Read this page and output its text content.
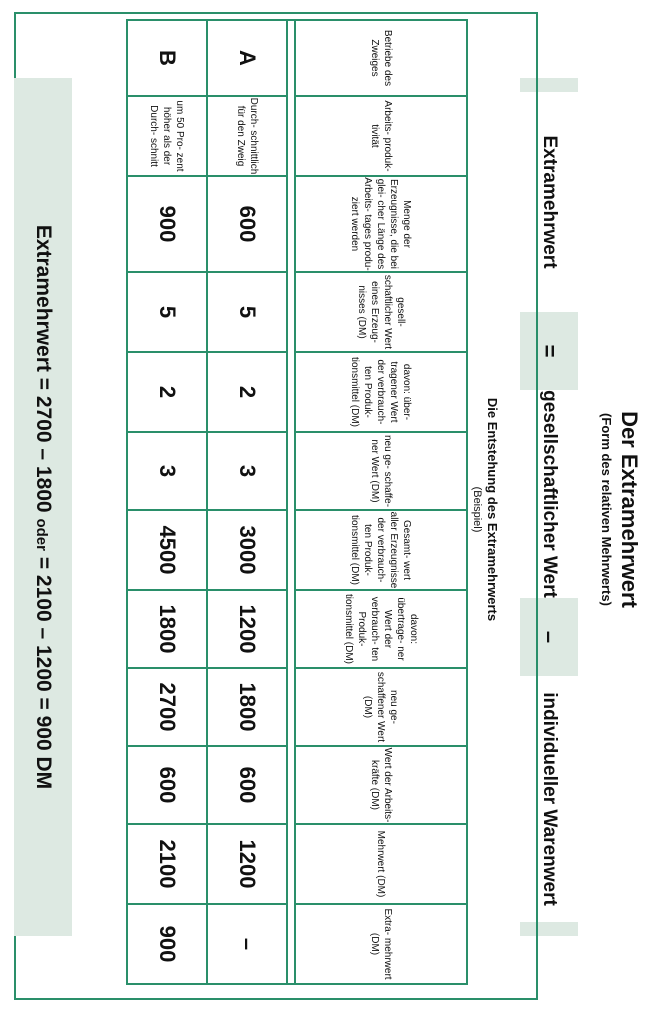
Der Extramehrwert
(Form des relativen Mehrwerts)
Extramehrwert
=
gesellschaftlicher Wert
–
individueller Warenwert
Die Entstehung des Extramehrwerts
(Beispiel)
Betriebe des Zweiges	Arbeits- produk- tivität	Menge der Erzeugnisse, die bei glei- cher Länge des Arbeits- tages produ- ziert werden	gesell- schaftlicher Wert eines Erzeug- nisses (DM)	davon: über- tragener Wert der verbrauch- ten Produk- tionsmittel (DM)	neu ge- schaffe- ner Wert (DM)	Gesamt- wert aller Erzeugnisse der verbrauch- ten Produk- tionsmittel (DM)	davon: übertrage- ner Wert der verbrauch- ten Produk- tionsmittel (DM)	neu ge- schaffener Wert (DM)	Wert der Arbeits- kräfte (DM)	Mehrwert (DM)	Extra- mehrwert (DM)

A	Durch- schnittlich für den Zweig	600	5	2	3	3000	1200	1800	600	1200	–
B	um 50 Pro- zent höher als der Durch- schnitt	900	5	2	3	4500	1800	2700	600	2100	900
Extramehrwert = 2700 – 1800 oder = 2100 – 1200 = 900 DM
